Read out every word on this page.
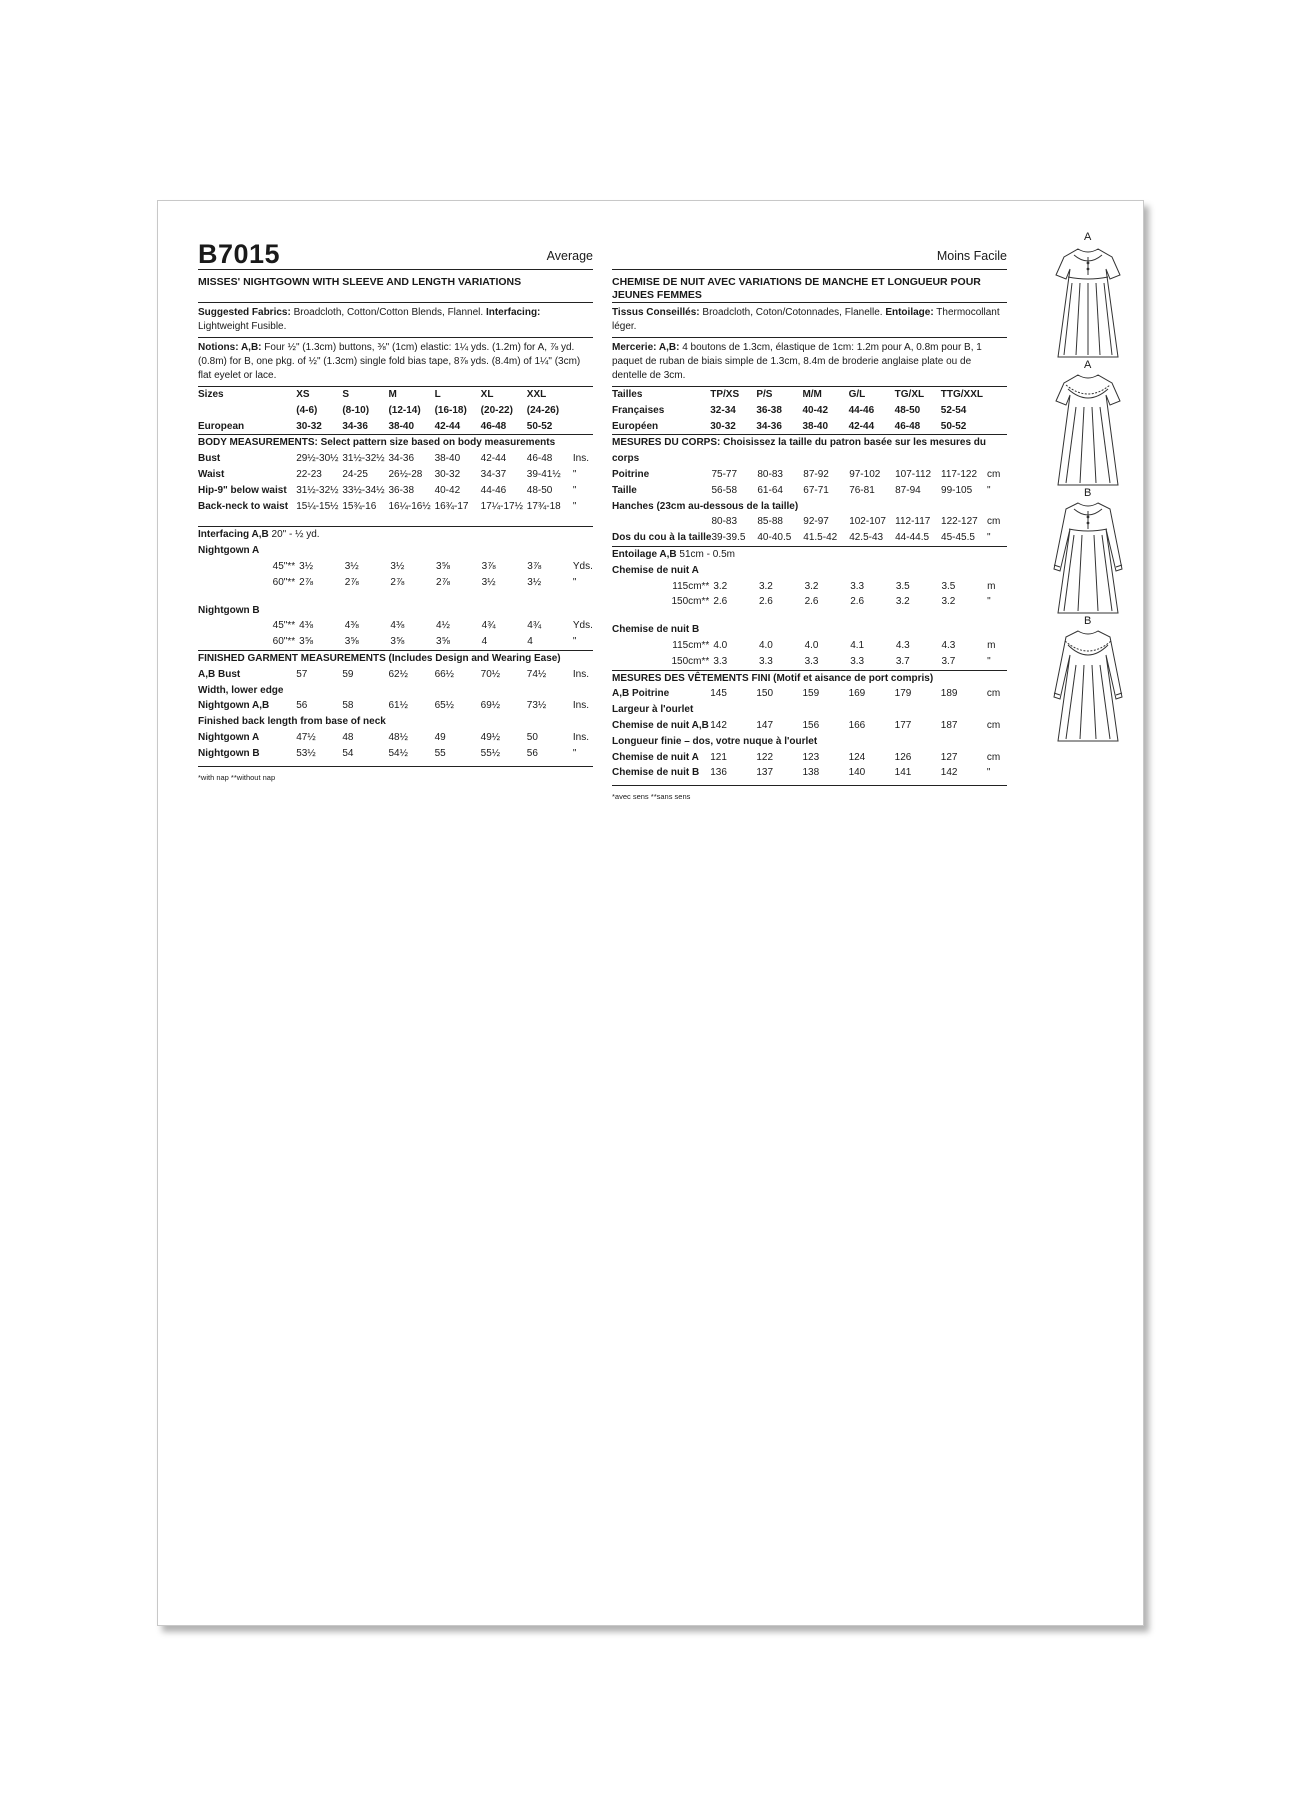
B7015	Average
MISSES' NIGHTGOWN WITH SLEEVE AND LENGTH VARIATIONS
Suggested Fabrics: Broadcloth, Cotton/Cotton Blends, Flannel. Interfacing: Lightweight Fusible.
Notions: A,B: Four ½" (1.3cm) buttons, ⅜" (1cm) elastic: 1¼ yds. (1.2m) for A, ⅞ yd. (0.8m) for B, one pkg. of ½" (1.3cm) single fold bias tape, 8⅞ yds. (8.4m) of 1¼" (3cm) flat eyelet or lace.
Sizes	XS	S	M	L	XL	XXL	
	(4-6)	(8-10)	(12-14)	(16-18)	(20-22)	(24-26)	
European	30-32	34-36	38-40	42-44	46-48	50-52	
BODY MEASUREMENTS: Select pattern size based on body measurements
Bust	29½-30½	31½-32½	34-36	38-40	42-44	46-48	Ins.
Waist	22-23	24-25	26½-28	30-32	34-37	39-41½	"
Hip-9" below waist	31½-32½	33½-34½	36-38	40-42	44-46	48-50	"
Back-neck to waist	15¼-15½	15¾-16	16¼-16½	16¾-17	17¼-17½	17¾-18	"
Interfacing A,B 20" - ½ yd.
Nightgown A
45"**	3½	3½	3½	3⅝	3⅞	3⅞	Yds.
60"**	2⅞	2⅞	2⅞	2⅞	3½	3½	"
Nightgown B
45"**	4⅜	4⅜	4⅜	4½	4¾	4¾	Yds.
60"**	3⅝	3⅝	3⅝	3⅝	4	4	"
FINISHED GARMENT MEASUREMENTS (Includes Design and Wearing Ease)
A,B Bust	57	59	62½	66½	70½	74½	Ins.
Width, lower edge							
Nightgown A,B	56	58	61½	65½	69½	73½	Ins.
Finished back length from base of neck							
Nightgown A	47½	48	48½	49	49½	50	Ins.
Nightgown B	53½	54	54½	55	55½	56	"
*with nap **without nap
Moins Facile
CHEMISE DE NUIT AVEC VARIATIONS DE MANCHE ET LONGUEUR POUR JEUNES FEMMES
Tissus Conseillés: Broadcloth, Coton/Cotonnades, Flanelle. Entoilage: Thermocollant léger.
Mercerie: A,B: 4 boutons de 1.3cm, élastique de 1cm: 1.2m pour A, 0.8m pour B, 1 paquet de ruban de biais simple de 1.3cm, 8.4m de broderie anglaise plate ou de dentelle de 3cm.
Tailles	TP/XS	P/S	M/M	G/L	TG/XL	TTG/XXL	
Françaises	32-34	36-38	40-42	44-46	48-50	52-54	
Européen	30-32	34-36	38-40	42-44	46-48	50-52	
MESURES DU CORPS: Choisissez la taille du patron basée sur les mesures du corps
Poitrine	75-77	80-83	87-92	97-102	107-112	117-122	cm
Taille	56-58	61-64	67-71	76-81	87-94	99-105	"
Hanches (23cm au-dessous de la taille)							
	80-83	85-88	92-97	102-107	112-117	122-127	cm
Dos du cou à la taille	39-39.5	40-40.5	41.5-42	42.5-43	44-44.5	45-45.5	"
Entoilage A,B 51cm - 0.5m
Chemise de nuit A
115cm**	3.2	3.2	3.2	3.3	3.5	3.5	m
150cm**	2.6	2.6	2.6	2.6	3.2	3.2	"
Chemise de nuit B
115cm**	4.0	4.0	4.0	4.1	4.3	4.3	m
150cm**	3.3	3.3	3.3	3.3	3.7	3.7	"
MESURES DES VÊTEMENTS FINI (Motif et aisance de port compris)
A,B Poitrine	145	150	159	169	179	189	cm
Largeur à l'ourlet							
Chemise de nuit A,B	142	147	156	166	177	187	cm
Longueur finie – dos, votre nuque à l'ourlet							
Chemise de nuit A	121	122	123	124	126	127	cm
Chemise de nuit B	136	137	138	140	141	142	"
*avec sens **sans sens
A
A
B
B
